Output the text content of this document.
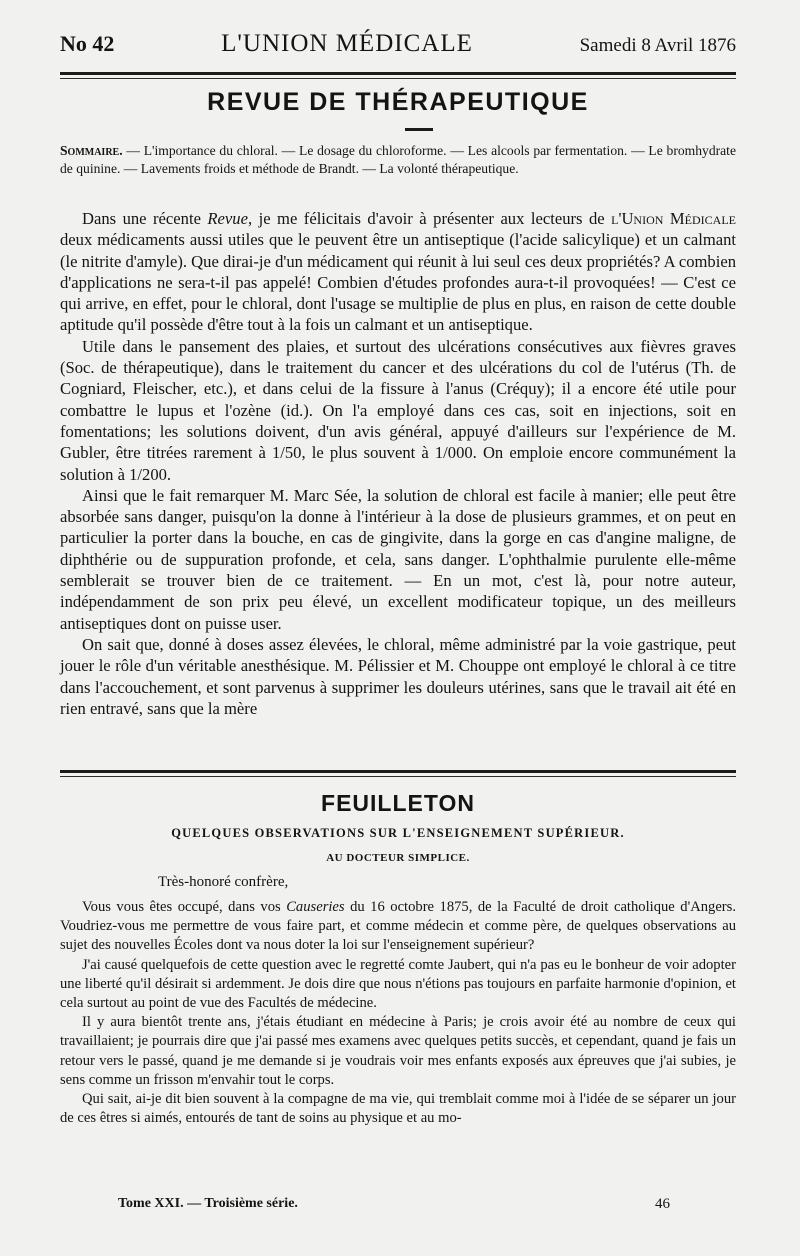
No 42	L'UNION MÉDICALE	Samedi 8 Avril 1876
REVUE DE THÉRAPEUTIQUE
Sommaire. — L'importance du chloral. — Le dosage du chloroforme. — Les alcools par fermentation. — Le bromhydrate de quinine. — Lavements froids et méthode de Brandt. — La volonté thérapeutique.

Dans une récente Revue, je me félicitais d'avoir à présenter aux lecteurs de l'Union Médicale deux médicaments aussi utiles que le peuvent être un antiseptique (l'acide salicylique) et un calmant (le nitrite d'amyle). Que dirai-je d'un médicament qui réunit à lui seul ces deux propriétés? A combien d'applications ne sera-t-il pas appelé! Combien d'études profondes aura-t-il provoquées! — C'est ce qui arrive, en effet, pour le chloral, dont l'usage se multiplie de plus en plus, en raison de cette double aptitude qu'il possède d'être tout à la fois un calmant et un antiseptique.

Utile dans le pansement des plaies, et surtout des ulcérations consécutives aux fièvres graves (Soc. de thérapeutique), dans le traitement du cancer et des ulcérations du col de l'utérus (Th. de Cogniard, Fleischer, etc.), et dans celui de la fissure à l'anus (Créquy); il a encore été utile pour combattre le lupus et l'ozène (id.). On l'a employé dans ces cas, soit en injections, soit en fomentations; les solutions doivent, d'un avis général, appuyé d'ailleurs sur l'expérience de M. Gubler, être titrées rarement à 1/50, le plus souvent à 1/000. On emploie encore communément la solution à 1/200.

Ainsi que le fait remarquer M. Marc Sée, la solution de chloral est facile à manier; elle peut être absorbée sans danger, puisqu'on la donne à l'intérieur à la dose de plusieurs grammes, et on peut en particulier la porter dans la bouche, en cas de gingivite, dans la gorge en cas d'angine maligne, de diphthérie ou de suppuration profonde, et cela, sans danger. L'ophthalmie purulente elle-même semblerait se trouver bien de ce traitement. — En un mot, c'est là, pour notre auteur, indépendamment de son prix peu élevé, un excellent modificateur topique, un des meilleurs antiseptiques dont on puisse user.

On sait que, donné à doses assez élevées, le chloral, même administré par la voie gastrique, peut jouer le rôle d'un véritable anesthésique. M. Pélissier et M. Chouppe ont employé le chloral à ce titre dans l'accouchement, et sont parvenus à supprimer les douleurs utérines, sans que le travail ait été en rien entravé, sans que la mère

FEUILLETON
QUELQUES OBSERVATIONS SUR L'ENSEIGNEMENT SUPÉRIEUR.
AU DOCTEUR SIMPLICE.
Très-honoré confrère,

Vous vous êtes occupé, dans vos Causeries du 16 octobre 1875, de la Faculté de droit catholique d'Angers. Voudriez-vous me permettre de vous faire part, et comme médecin et comme père, de quelques observations au sujet des nouvelles Écoles dont va nous doter la loi sur l'enseignement supérieur?

J'ai causé quelquefois de cette question avec le regretté comte Jaubert, qui n'a pas eu le bonheur de voir adopter une liberté qu'il désirait si ardemment. Je dois dire que nous n'étions pas toujours en parfaite harmonie d'opinion, et cela surtout au point de vue des Facultés de médecine.

Il y aura bientôt trente ans, j'étais étudiant en médecine à Paris; je crois avoir été au nombre de ceux qui travaillaient; je pourrais dire que j'ai passé mes examens avec quelques petits succès, et cependant, quand je fais un retour vers le passé, quand je me demande si je voudrais voir mes enfants exposés aux épreuves que j'ai subies, je sens comme un frisson m'envahir tout le corps.

Qui sait, ai-je dit bien souvent à la compagne de ma vie, qui tremblait comme moi à l'idée de se séparer un jour de ces êtres si aimés, entourés de tant de soins au physique et au mo-

Tome XXI. — Troisième série.	46
